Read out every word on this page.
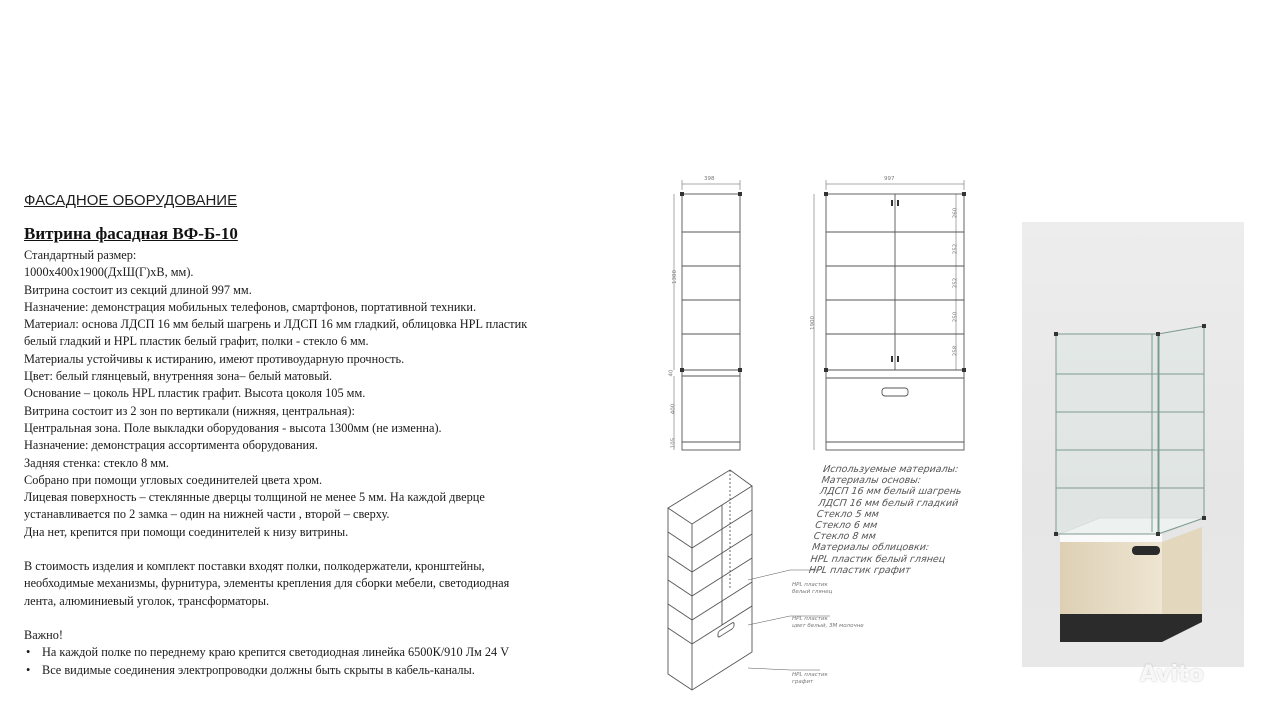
ФАСАДНОЕ ОБОРУДОВАНИЕ
Витрина фасадная ВФ-Б-10
Стандартный размер:
1000х400х1900(ДхШ(Г)хВ, мм).
Витрина состоит из секций длиной 997 мм.
Назначение: демонстрация мобильных телефонов, смартфонов, портативной техники.
Материал: основа ЛДСП 16 мм белый шагрень и ЛДСП 16 мм гладкий, облицовка HPL пластик
белый гладкий и HPL пластик белый графит, полки - стекло 6 мм.
Материалы устойчивы к истиранию, имеют противоударную прочность.
Цвет: белый глянцевый, внутренняя зона– белый матовый.
Основание – цоколь HPL пластик графит. Высота цоколя 105 мм.
Витрина состоит из 2 зон по вертикали (нижняя, центральная):
Центральная зона. Поле выкладки оборудования - высота 1300мм (не изменна).
Назначение: демонстрация ассортимента оборудования.
Задняя стенка: стекло 8 мм.
Собрано при помощи угловых соединителей цвета хром.
Лицевая поверхность – стеклянные дверцы толщиной не менее 5 мм. На каждой дверце
устанавливается по 2 замка – один на нижней части , второй – сверху.
Дна нет, крепится при помощи соединителей к низу витрины.
В стоимость изделия и комплект поставки входят полки, полкодержатели, кронштейны,
необходимые механизмы, фурнитура, элементы крепления для сборки мебели, светодиодная
лента, алюминиевый уголок, трансформаторы.
Важно!
• На каждой полке по переднему краю крепится светодиодная линейка 6500К/910 Лм 24 V
• Все видимые соединения электропроводки должны быть скрыты в кабель-каналы.
398	997
1300
400
105
40
1900
260
252
252
250
258
Используемые материалы:
Материалы основы:
ЛДСП 16 мм белый шагрень
ЛДСП 16 мм белый гладкий
Стекло 5 мм
Стекло 6 мм
Стекло 8 мм
Материалы облицовки:
HPL пластик белый глянец
HPL пластик графит
HPL пластик
белый глянец
HPL пластик
цвет белый, ЗМ молочне
HPL пластик
графит	Avito
